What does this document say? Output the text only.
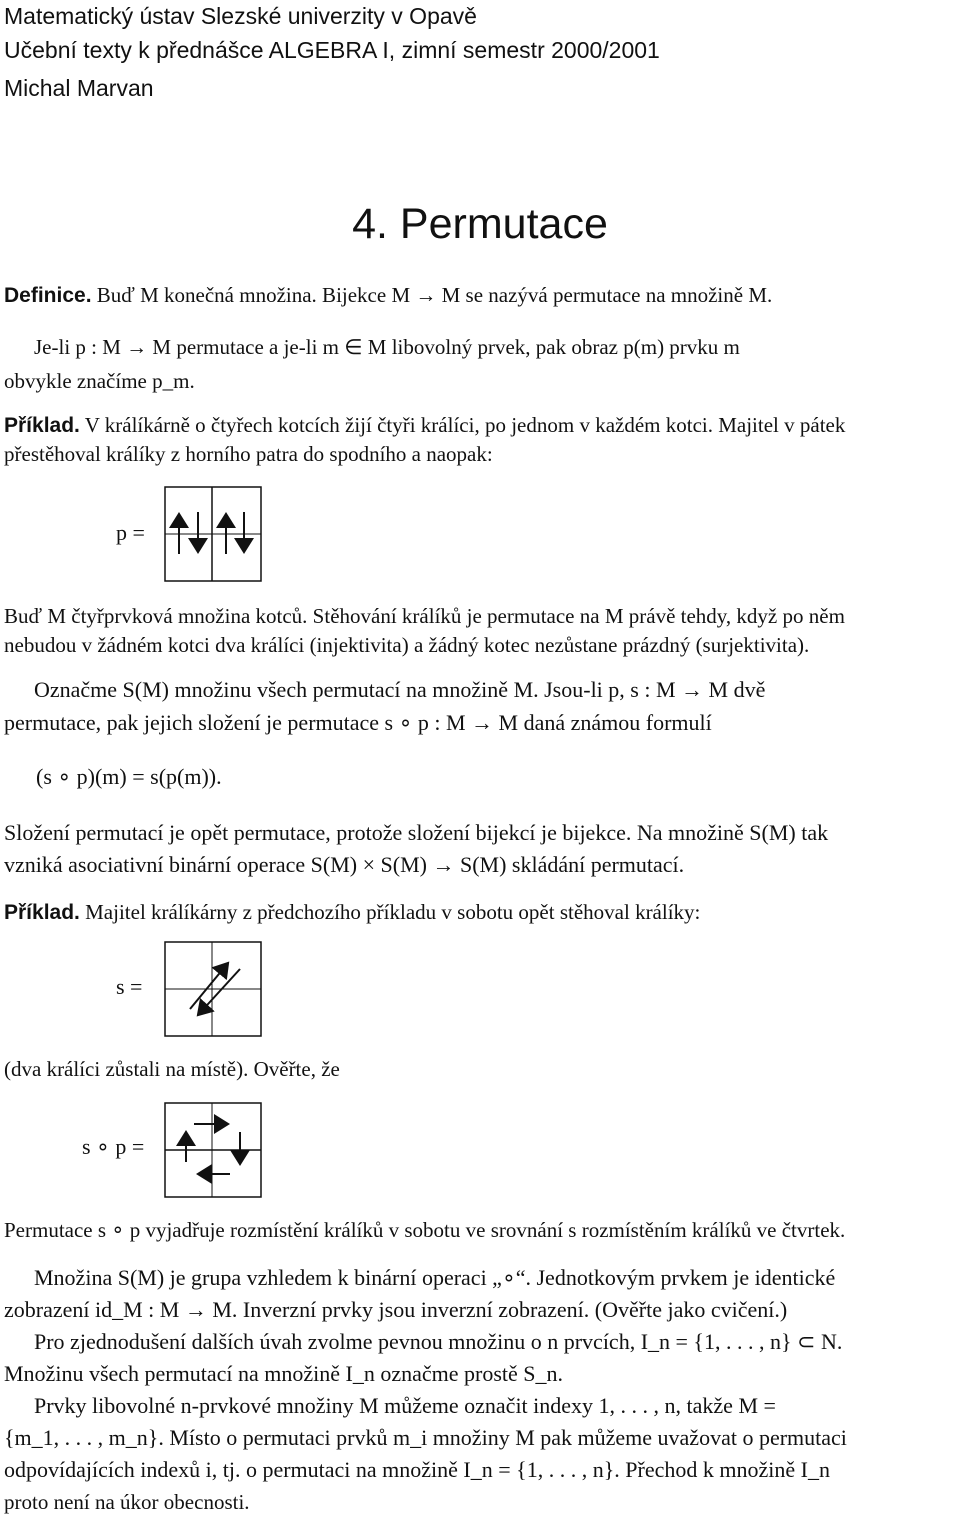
Matematický ústav Slezské univerzity v Opavě
Učební texty k přednášce ALGEBRA I, zimní semestr 2000/2001
Michal Marvan
4. Permutace
Definice. Buď M konečná množina. Bijekce M → M se nazývá permutace na množině M.
Je-li p : M → M permutace a je-li m ∈ M libovolný prvek, pak obraz p(m) prvku m
obvykle značíme p_m.
Příklad. V králíkárně o čtyřech kotcích žijí čtyři králíci, po jednom v každém kotci. Majitel v pátek
přestěhoval králíky z horního patra do spodního a naopak:
p =
Buď M čtyřprvková množina kotců. Stěhování králíků je permutace na M právě tehdy, když po něm
nebudou v žádném kotci dva králíci (injektivita) a žádný kotec nezůstane prázdný (surjektivita).
Označme S(M) množinu všech permutací na množině M. Jsou-li p, s : M → M dvě
permutace, pak jejich složení je permutace s ∘ p : M → M daná známou formulí
(s ∘ p)(m) = s(p(m)).
Složení permutací je opět permutace, protože složení bijekcí je bijekce. Na množině S(M) tak
vzniká asociativní binární operace S(M) × S(M) → S(M) skládání permutací.
Příklad. Majitel králíkárny z předchozího příkladu v sobotu opět stěhoval králíky:
s =
(dva králíci zůstali na místě). Ověřte, že
s ∘ p =
Permutace s ∘ p vyjadřuje rozmístění králíků v sobotu ve srovnání s rozmístěním králíků ve čtvrtek.
Množina S(M) je grupa vzhledem k binární operaci „∘“. Jednotkovým prvkem je identické
zobrazení id_M : M → M. Inverzní prvky jsou inverzní zobrazení. (Ověřte jako cvičení.)
Pro zjednodušení dalších úvah zvolme pevnou množinu o n prvcích, I_n = {1, . . . , n} ⊂ N.
Množinu všech permutací na množině I_n označme prostě S_n.
Prvky libovolné n-prvkové množiny M můžeme označit indexy 1, . . . , n, takže M =
{m_1, . . . , m_n}. Místo o permutaci prvků m_i množiny M pak můžeme uvažovat o permutaci
odpovídajících indexů i, tj. o permutaci na množině I_n = {1, . . . , n}. Přechod k množině I_n
proto není na úkor obecnosti.
